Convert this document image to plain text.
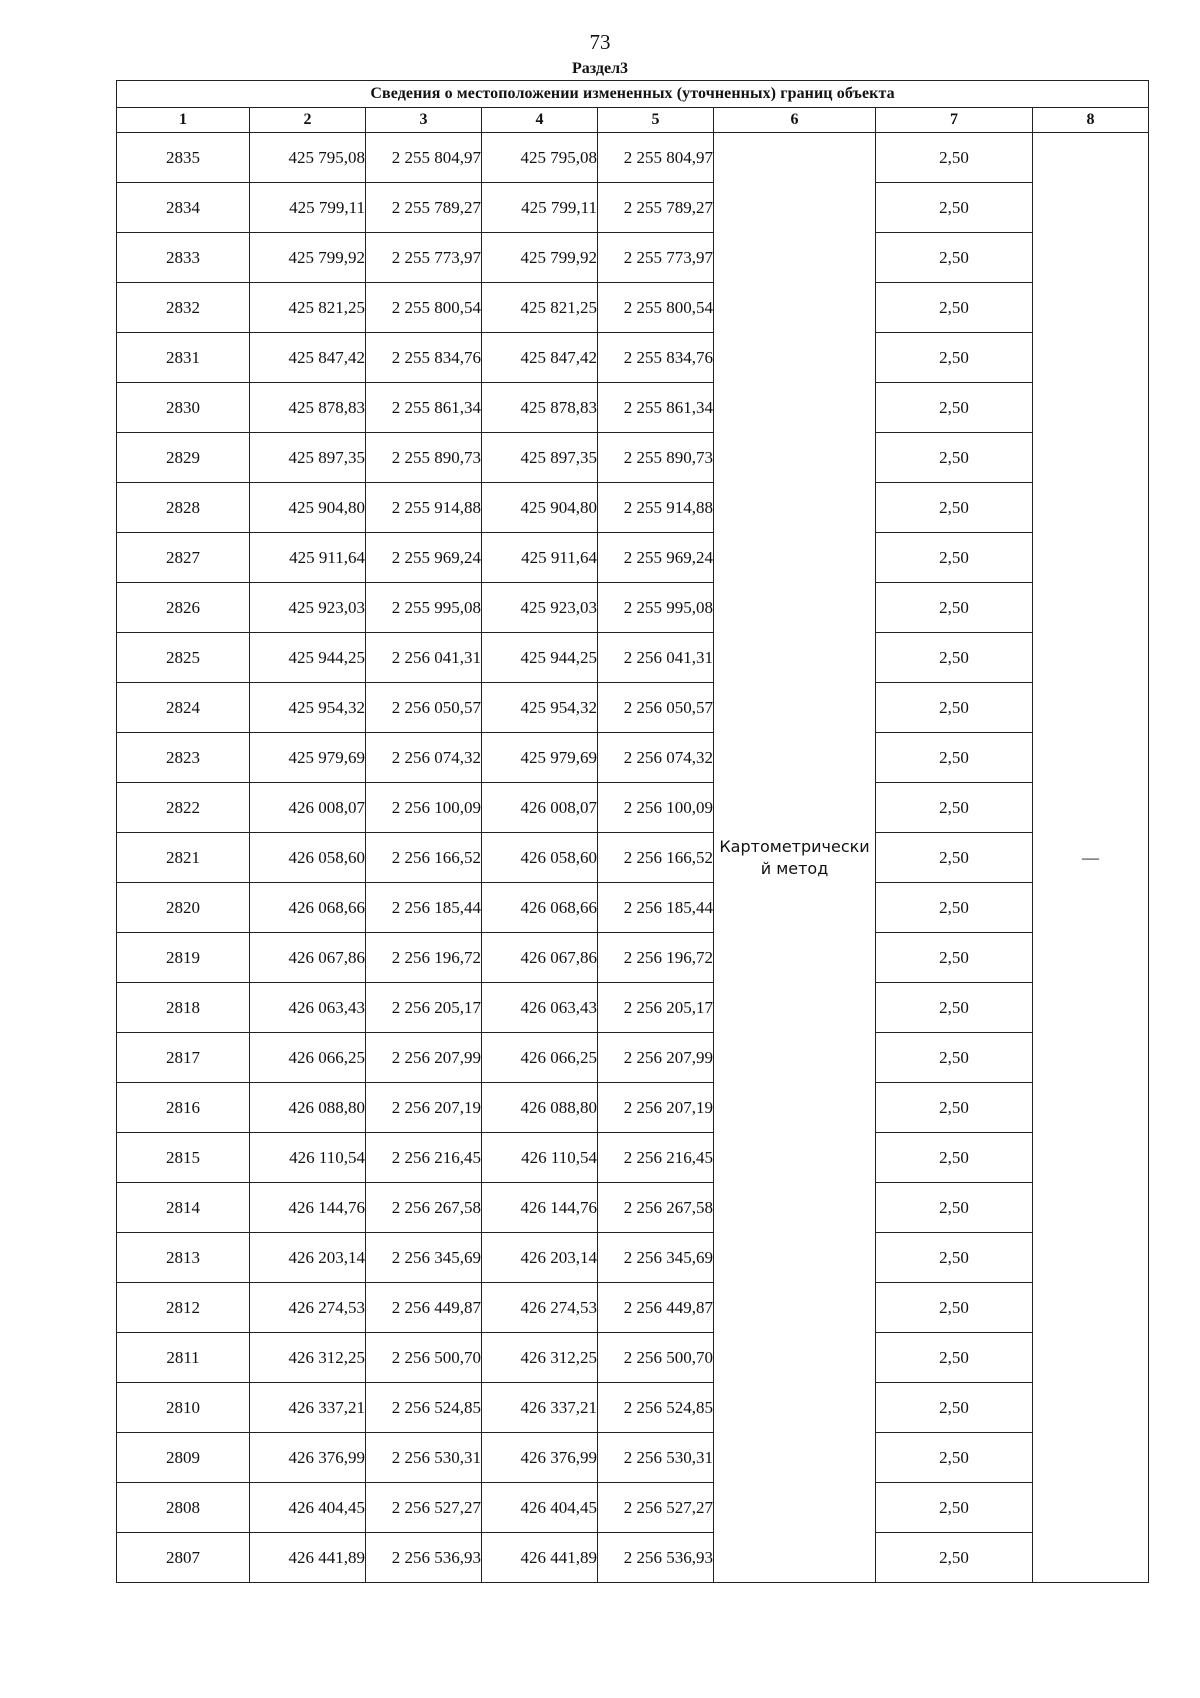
73
Раздел3
Сведения о местоположении измененных (уточненных) границ объекта							
1	2	3	4	5	6	7	8
2835	425 795,08	2 255 804,97	425 795,08	2 255 804,97	Картометрически й метод	2,50	—
2834	425 799,11	2 255 789,27	425 799,11	2 255 789,27		2,50	
2833	425 799,92	2 255 773,97	425 799,92	2 255 773,97		2,50	
2832	425 821,25	2 255 800,54	425 821,25	2 255 800,54		2,50	
2831	425 847,42	2 255 834,76	425 847,42	2 255 834,76		2,50	
2830	425 878,83	2 255 861,34	425 878,83	2 255 861,34		2,50	
2829	425 897,35	2 255 890,73	425 897,35	2 255 890,73		2,50	
2828	425 904,80	2 255 914,88	425 904,80	2 255 914,88		2,50	
2827	425 911,64	2 255 969,24	425 911,64	2 255 969,24		2,50	
2826	425 923,03	2 255 995,08	425 923,03	2 255 995,08		2,50	
2825	425 944,25	2 256 041,31	425 944,25	2 256 041,31		2,50	
2824	425 954,32	2 256 050,57	425 954,32	2 256 050,57		2,50	
2823	425 979,69	2 256 074,32	425 979,69	2 256 074,32		2,50	
2822	426 008,07	2 256 100,09	426 008,07	2 256 100,09		2,50	
2821	426 058,60	2 256 166,52	426 058,60	2 256 166,52		2,50	
2820	426 068,66	2 256 185,44	426 068,66	2 256 185,44		2,50	
2819	426 067,86	2 256 196,72	426 067,86	2 256 196,72		2,50	
2818	426 063,43	2 256 205,17	426 063,43	2 256 205,17		2,50	
2817	426 066,25	2 256 207,99	426 066,25	2 256 207,99		2,50	
2816	426 088,80	2 256 207,19	426 088,80	2 256 207,19		2,50	
2815	426 110,54	2 256 216,45	426 110,54	2 256 216,45		2,50	
2814	426 144,76	2 256 267,58	426 144,76	2 256 267,58		2,50	
2813	426 203,14	2 256 345,69	426 203,14	2 256 345,69		2,50	
2812	426 274,53	2 256 449,87	426 274,53	2 256 449,87		2,50	
2811	426 312,25	2 256 500,70	426 312,25	2 256 500,70		2,50	
2810	426 337,21	2 256 524,85	426 337,21	2 256 524,85		2,50	
2809	426 376,99	2 256 530,31	426 376,99	2 256 530,31		2,50	
2808	426 404,45	2 256 527,27	426 404,45	2 256 527,27		2,50	
2807	426 441,89	2 256 536,93	426 441,89	2 256 536,93		2,50	
